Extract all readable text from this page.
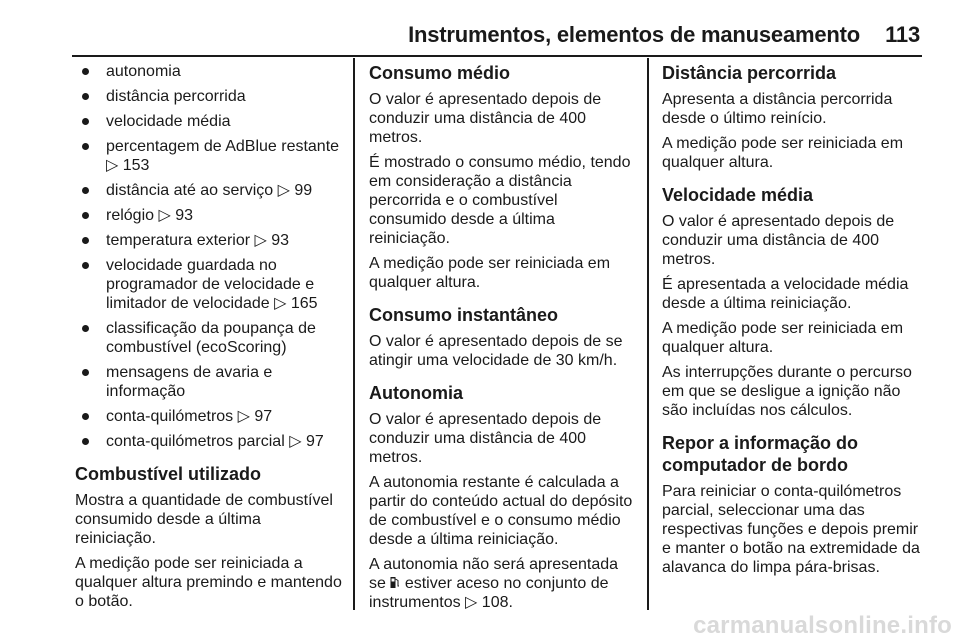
Instrumentos, elementos de manuseamento 113
autonomia
distância percorrida
velocidade média
percentagem de AdBlue restante ▷ 153
distância até ao serviço ▷ 99
relógio ▷ 93
temperatura exterior ▷ 93
velocidade guardada no programador de velocidade e limitador de velocidade ▷ 165
classificação da poupança de combustível (ecoScoring)
mensagens de avaria e informação
conta-quilómetros ▷ 97
conta-quilómetros parcial ▷ 97
Combustível utilizado

Mostra a quantidade de combustível consumido desde a última reiniciação.

A medição pode ser reiniciada a qualquer altura premindo e mantendo o botão.

Consumo médio

O valor é apresentado depois de conduzir uma distância de 400 metros.

É mostrado o consumo médio, tendo em consideração a distância percorrida e o combustível consumido desde a última reiniciação.

A medição pode ser reiniciada em qualquer altura.

Consumo instantâneo

O valor é apresentado depois de se atingir uma velocidade de 30 km/h.

Autonomia

O valor é apresentado depois de conduzir uma distância de 400 metros.

A autonomia restante é calculada a partir do conteúdo actual do depósito de combustível e o consumo médio desde a última reiniciação.

A autonomia não será apresentada se estiver aceso no conjunto de instrumentos ▷ 108.

Distância percorrida

Apresenta a distância percorrida desde o último reinício.

A medição pode ser reiniciada em qualquer altura.

Velocidade média

O valor é apresentado depois de conduzir uma distância de 400 metros.

É apresentada a velocidade média desde a última reiniciação.

A medição pode ser reiniciada em qualquer altura.

As interrupções durante o percurso em que se desligue a ignição não são incluídas nos cálculos.

Repor a informação do computador de bordo

Para reiniciar o conta-quilómetros parcial, seleccionar uma das respectivas funções e depois premir e manter o botão na extremidade da alavanca do limpa pára-brisas.

carmanualsonline.info
